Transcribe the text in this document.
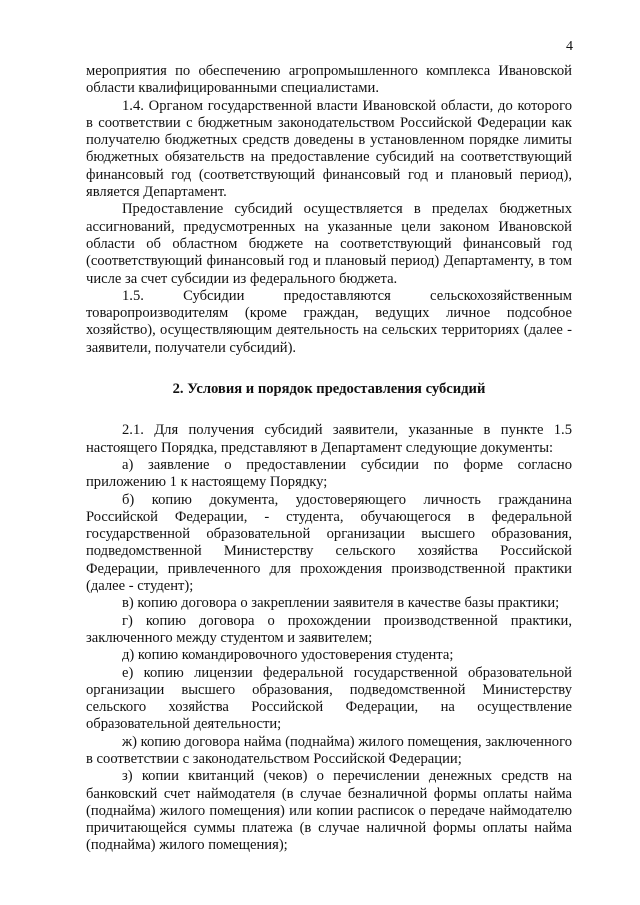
4

мероприятия по обеспечению агропромышленного комплекса Ивановской области квалифицированными специалистами.

1.4. Органом государственной власти Ивановской области, до которого в соответствии с бюджетным законодательством Российской Федерации как получателю бюджетных средств доведены в установленном порядке лимиты бюджетных обязательств на предоставление субсидий на соответствующий финансовый год (соответствующий финансовый год и плановый период), является Департамент.

Предоставление субсидий осуществляется в пределах бюджетных ассигнований, предусмотренных на указанные цели законом Ивановской области об областном бюджете на соответствующий финансовый год (соответствующий финансовый год и плановый период) Департаменту, в том числе за счет субсидии из федерального бюджета.

1.5. Субсидии предоставляются сельскохозяйственным товаропроизводителям (кроме граждан, ведущих личное подсобное хозяйство), осуществляющим деятельность на сельских территориях (далее - заявители, получатели субсидий).

2. Условия и порядок предоставления субсидий

2.1. Для получения субсидий заявители, указанные в пункте 1.5 настоящего Порядка, представляют в Департамент следующие документы:

а) заявление о предоставлении субсидии по форме согласно приложению 1 к настоящему Порядку;

б) копию документа, удостоверяющего личность гражданина Российской Федерации, - студента, обучающегося в федеральной государственной образовательной организации высшего образования, подведомственной Министерству сельского хозяйства Российской Федерации, привлеченного для прохождения производственной практики (далее - студент);

в) копию договора о закреплении заявителя в качестве базы практики;

г) копию договора о прохождении производственной практики, заключенного между студентом и заявителем;

д) копию командировочного удостоверения студента;

е) копию лицензии федеральной государственной образовательной организации высшего образования, подведомственной Министерству сельского хозяйства Российской Федерации, на осуществление образовательной деятельности;

ж) копию договора найма (поднайма) жилого помещения, заключенного в соответствии с законодательством Российской Федерации;

з) копии квитанций (чеков) о перечислении денежных средств на банковский счет наймодателя (в случае безналичной формы оплаты найма (поднайма) жилого помещения) или копии расписок о передаче наймодателю причитающейся суммы платежа (в случае наличной формы оплаты найма (поднайма) жилого помещения);
